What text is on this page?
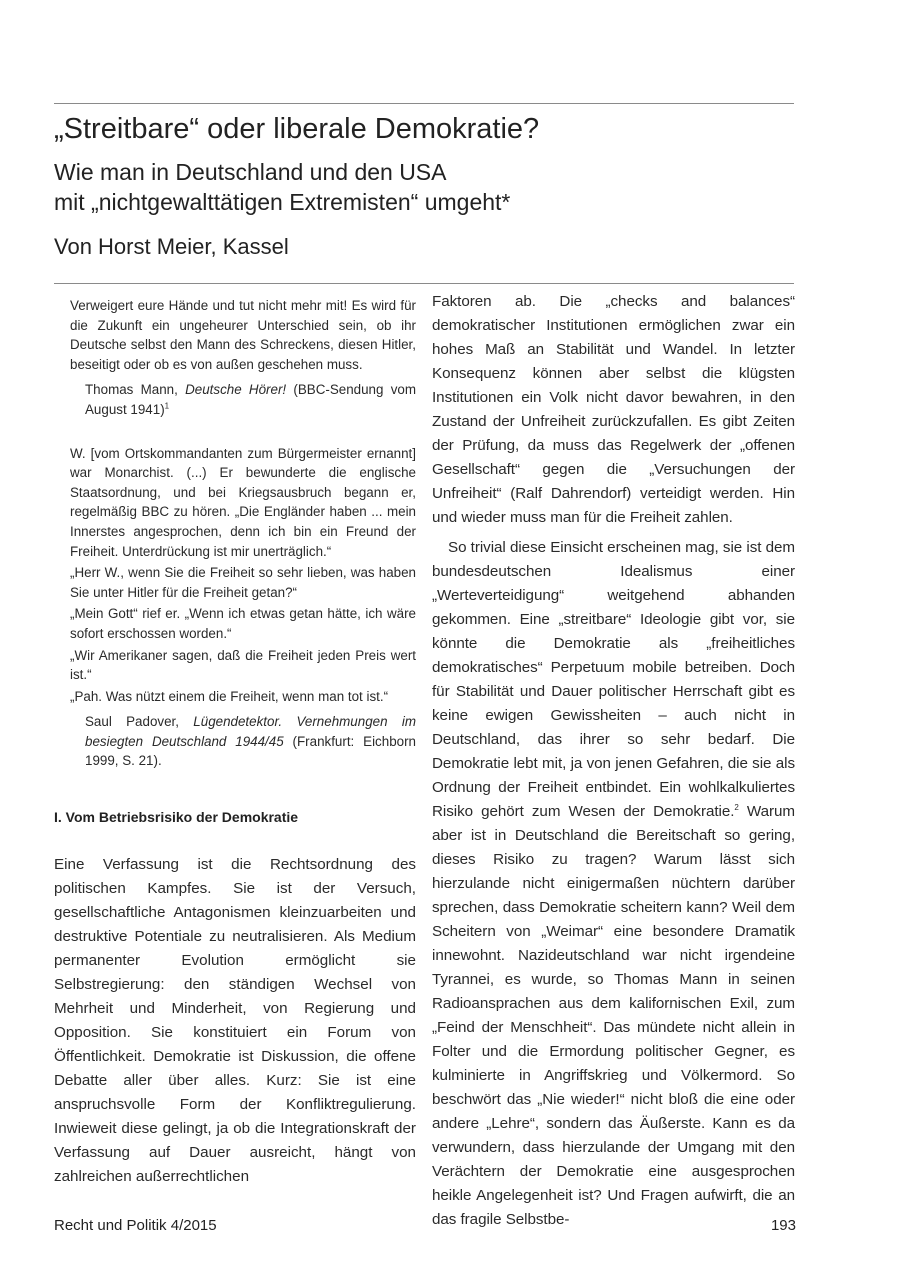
„Streitbare“ oder liberale Demokratie?
Wie man in Deutschland und den USA
mit „nichtgewalttätigen Extremisten“ umgeht*
Von Horst Meier, Kassel

Verweigert eure Hände und tut nicht mehr mit! Es wird für die Zukunft ein ungeheurer Unterschied sein, ob ihr Deutsche selbst den Mann des Schreckens, diesen Hitler, beseitigt oder ob es von außen geschehen muss.

Thomas Mann, Deutsche Hörer! (BBC-Sendung vom August 1941)$^1$

W. [vom Ortskommandanten zum Bürgermeister ernannt] war Monarchist. (...) Er bewunderte die englische Staatsordnung, und bei Kriegsausbruch begann er, regelmäßig BBC zu hören. „Die Engländer haben ... mein Innerstes angesprochen, denn ich bin ein Freund der Freiheit. Unterdrückung ist mir unerträglich.“

„Herr W., wenn Sie die Freiheit so sehr lieben, was haben Sie unter Hitler für die Freiheit getan?“

„Mein Gott“ rief er. „Wenn ich etwas getan hätte, ich wäre sofort erschossen worden.“

„Wir Amerikaner sagen, daß die Freiheit jeden Preis wert ist.“

„Pah. Was nützt einem die Freiheit, wenn man tot ist.“

Saul Padover, Lügendetektor. Vernehmungen im besiegten Deutschland 1944/45 (Frankfurt: Eichborn 1999, S. 21).

I. Vom Betriebsrisiko der Demokratie

Eine Verfassung ist die Rechtsordnung des politischen Kampfes. Sie ist der Versuch, gesellschaftliche Antagonismen kleinzuarbeiten und destruktive Potentiale zu neutralisieren. Als Medium permanenter Evolution ermöglicht sie Selbstregierung: den ständigen Wechsel von Mehrheit und Minderheit, von Regierung und Opposition. Sie konstituiert ein Forum von Öffentlichkeit. Demokratie ist Diskussion, die offene Debatte aller über alles. Kurz: Sie ist eine anspruchsvolle Form der Konfliktregulierung. Inwieweit diese gelingt, ja ob die Integrationskraft der Verfassung auf Dauer ausreicht, hängt von zahlreichen außerrechtlichen

Faktoren ab. Die „checks and balances“ demokratischer Institutionen ermöglichen zwar ein hohes Maß an Stabilität und Wandel. In letzter Konsequenz können aber selbst die klügsten Institutionen ein Volk nicht davor bewahren, in den Zustand der Unfreiheit zurückzufallen. Es gibt Zeiten der Prüfung, da muss das Regelwerk der „offenen Gesellschaft“ gegen die „Versuchungen der Unfreiheit“ (Ralf Dahrendorf) verteidigt werden. Hin und wieder muss man für die Freiheit zahlen.

So trivial diese Einsicht erscheinen mag, sie ist dem bundesdeutschen Idealismus einer „Werteverteidigung“ weitgehend abhanden gekommen. Eine „streitbare“ Ideologie gibt vor, sie könnte die Demokratie als „freiheitliches demokratisches“ Perpetuum mobile betreiben. Doch für Stabilität und Dauer politischer Herrschaft gibt es keine ewigen Gewissheiten – auch nicht in Deutschland, das ihrer so sehr bedarf. Die Demokratie lebt mit, ja von jenen Gefahren, die sie als Ordnung der Freiheit entbindet. Ein wohlkalkuliertes Risiko gehört zum Wesen der Demokratie.$^2$ Warum aber ist in Deutschland die Bereitschaft so gering, dieses Risiko zu tragen? Warum lässt sich hierzulande nicht einigermaßen nüchtern darüber sprechen, dass Demokratie scheitern kann? Weil dem Scheitern von „Weimar“ eine besondere Dramatik innewohnt. Nazideutschland war nicht irgendeine Tyrannei, es wurde, so Thomas Mann in seinen Radioansprachen aus dem kalifornischen Exil, zum „Feind der Menschheit“. Das mündete nicht allein in Folter und die Ermordung politischer Gegner, es kulminierte in Angriffskrieg und Völkermord. So beschwört das „Nie wieder!“ nicht bloß die eine oder andere „Lehre“, sondern das Äußerste. Kann es da verwundern, dass hierzulande der Umgang mit den Verächtern der Demokratie eine ausgesprochen heikle Angelegenheit ist? Und Fragen aufwirft, die an das fragile Selbstbe-

Recht und Politik 4/2015	193
